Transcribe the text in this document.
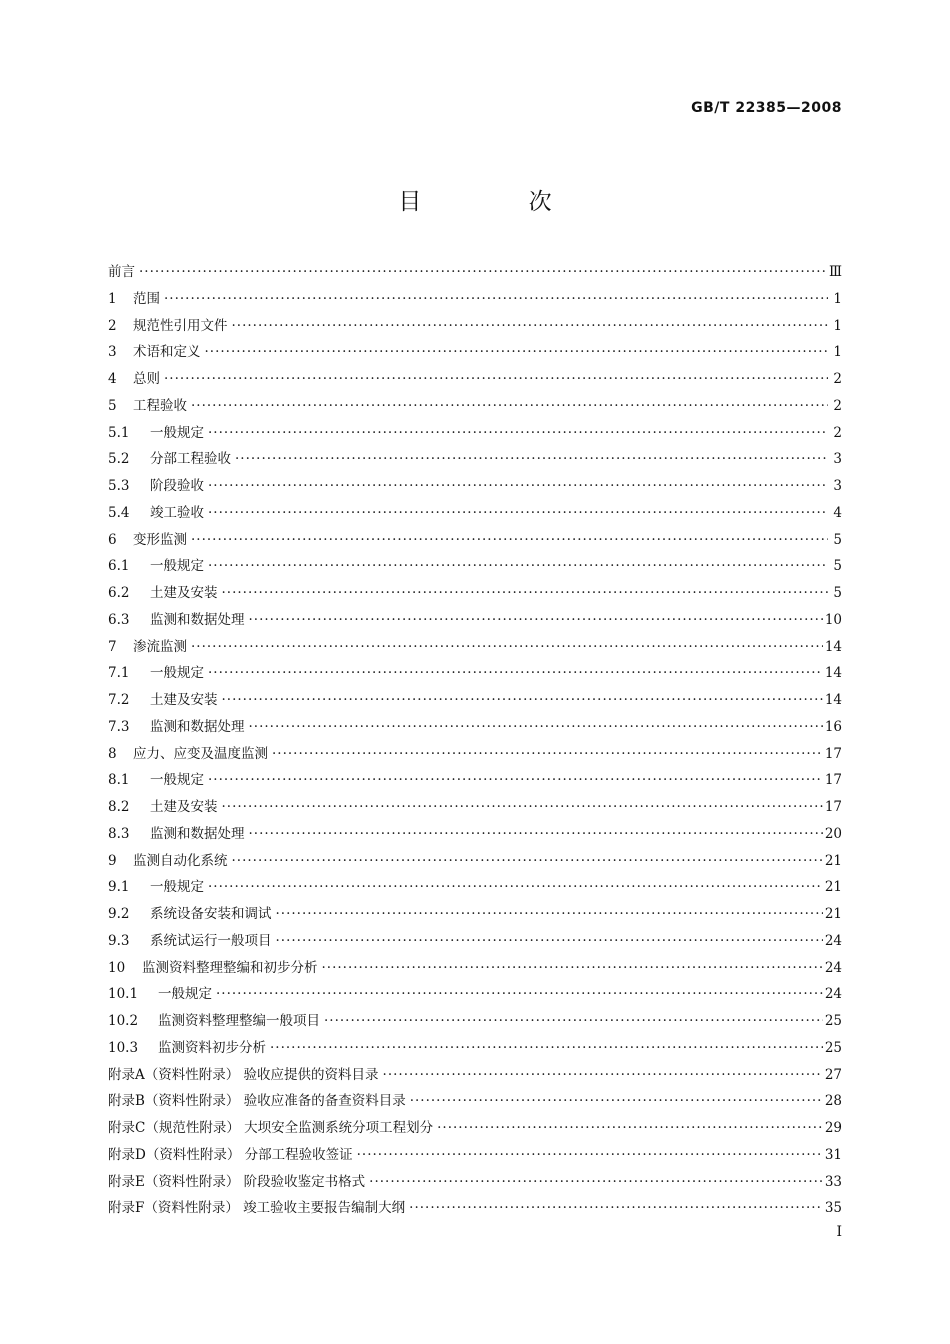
GB/T 22385—2008
目 次
前言 ·····	Ⅲ
1	范围 ·····	1
2	规范性引用文件 ·····	1
3	术语和定义 ·····	1
4	总则 ·····	2
5	工程验收 ·····	2
5.1	一般规定 ·····	2
5.2	分部工程验收 ·····	3
5.3	阶段验收 ·····	3
5.4	竣工验收 ·····	4
6	变形监测 ·····	5
6.1	一般规定 ·····	5
6.2	土建及安装 ·····	5
6.3	监测和数据处理 ·····	10
7	渗流监测 ·····	14
7.1	一般规定 ·····	14
7.2	土建及安装 ·····	14
7.3	监测和数据处理 ·····	16
8	应力、应变及温度监测 ·····	17
8.1	一般规定 ·····	17
8.2	土建及安装 ·····	17
8.3	监测和数据处理 ·····	20
9	监测自动化系统 ·····	21
9.1	一般规定 ·····	21
9.2	系统设备安装和调试 ·····	21
9.3	系统试运行一般项目 ·····	24
10	监测资料整理整编和初步分析 ·····	24
10.1	一般规定 ·····	24
10.2	监测资料整理整编一般项目 ·····	25
10.3	监测资料初步分析 ·····	25
附录A（资料性附录） 验收应提供的资料目录 ·····	27
附录B（资料性附录） 验收应准备的备查资料目录 ·····	28
附录C（规范性附录） 大坝安全监测系统分项工程划分 ·····	29
附录D（资料性附录） 分部工程验收签证 ·····	31
附录E（资料性附录） 阶段验收鉴定书格式 ·····	33
附录F（资料性附录） 竣工验收主要报告编制大纲 ·····	35
I
